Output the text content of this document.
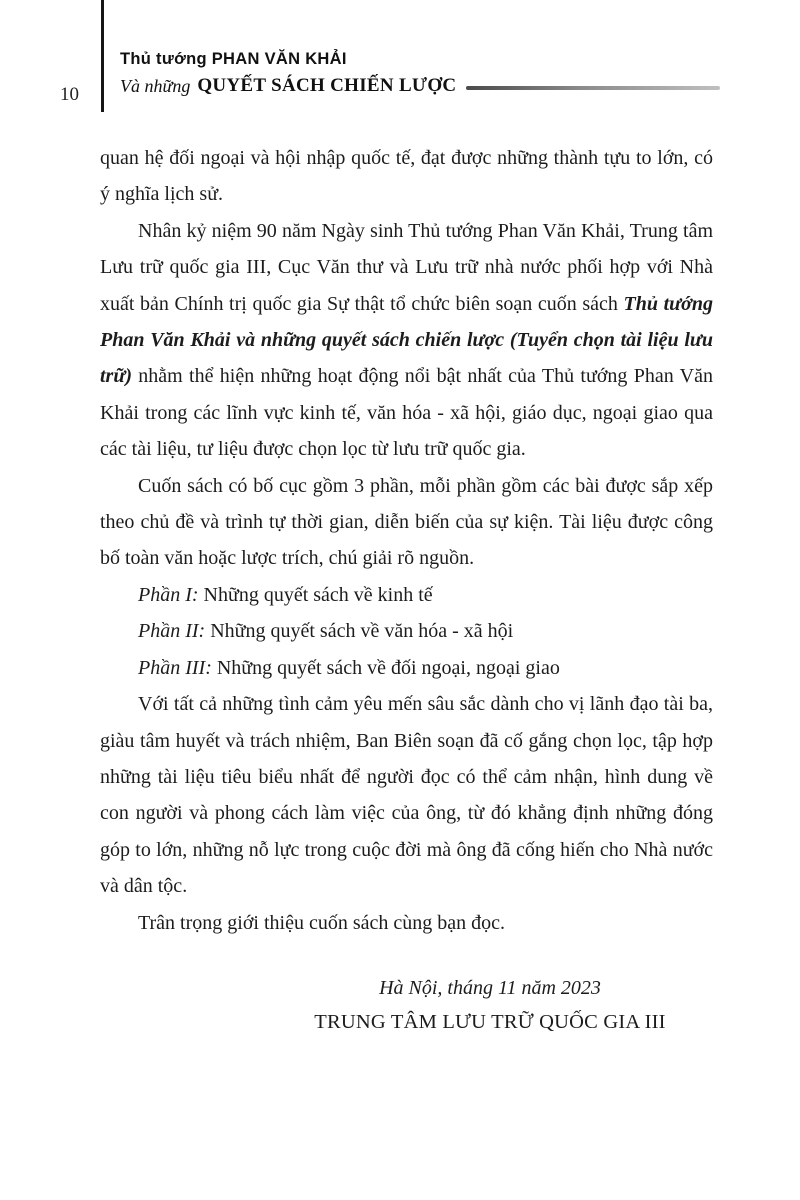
10
Thủ tướng PHAN VĂN KHẢI
Và những QUYẾT SÁCH CHIẾN LƯỢC

quan hệ đối ngoại và hội nhập quốc tế, đạt được những thành tựu to lớn, có ý nghĩa lịch sử.

Nhân kỷ niệm 90 năm Ngày sinh Thủ tướng Phan Văn Khải, Trung tâm Lưu trữ quốc gia III, Cục Văn thư và Lưu trữ nhà nước phối hợp với Nhà xuất bản Chính trị quốc gia Sự thật tổ chức biên soạn cuốn sách Thủ tướng Phan Văn Khải và những quyết sách chiến lược (Tuyển chọn tài liệu lưu trữ) nhằm thể hiện những hoạt động nổi bật nhất của Thủ tướng Phan Văn Khải trong các lĩnh vực kinh tế, văn hóa - xã hội, giáo dục, ngoại giao qua các tài liệu, tư liệu được chọn lọc từ lưu trữ quốc gia.

Cuốn sách có bố cục gồm 3 phần, mỗi phần gồm các bài được sắp xếp theo chủ đề và trình tự thời gian, diễn biến của sự kiện. Tài liệu được công bố toàn văn hoặc lược trích, chú giải rõ nguồn.

Phần I: Những quyết sách về kinh tế

Phần II: Những quyết sách về văn hóa - xã hội

Phần III: Những quyết sách về đối ngoại, ngoại giao

Với tất cả những tình cảm yêu mến sâu sắc dành cho vị lãnh đạo tài ba, giàu tâm huyết và trách nhiệm, Ban Biên soạn đã cố gắng chọn lọc, tập hợp những tài liệu tiêu biểu nhất để người đọc có thể cảm nhận, hình dung về con người và phong cách làm việc của ông, từ đó khẳng định những đóng góp to lớn, những nỗ lực trong cuộc đời mà ông đã cống hiến cho Nhà nước và dân tộc.

Trân trọng giới thiệu cuốn sách cùng bạn đọc.

Hà Nội, tháng 11 năm 2023
TRUNG TÂM LƯU TRỮ QUỐC GIA III
